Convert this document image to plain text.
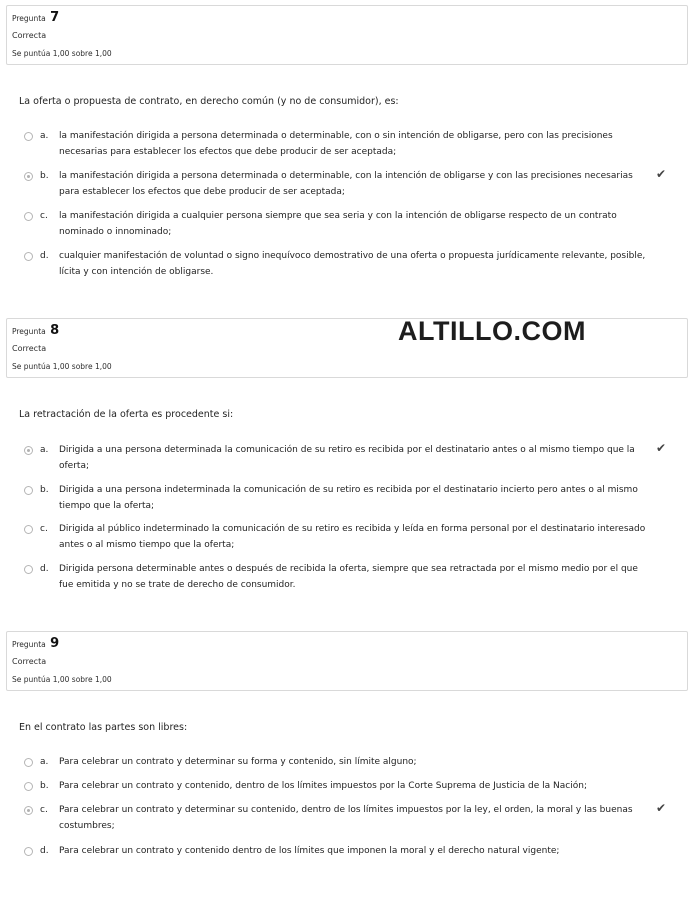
Pregunta 7
Correcta
Se puntúa 1,00 sobre 1,00
La oferta o propuesta de contrato, en derecho común (y no de consumidor), es:
a. la manifestación dirigida a persona determinada o determinable, con o sin intención de obligarse, pero con las precisiones necesarias para establecer los efectos que debe producir de ser aceptada;
b. la manifestación dirigida a persona determinada o determinable, con la intención de obligarse y con las precisiones necesarias para establecer los efectos que debe producir de ser aceptada;
✔
c. la manifestación dirigida a cualquier persona siempre que sea seria y con la intención de obligarse respecto de un contrato nominado o innominado;
d. cualquier manifestación de voluntad o signo inequívoco demostrativo de una oferta o propuesta jurídicamente relevante, posible, lícita y con intención de obligarse.
Pregunta 8
Correcta
Se puntúa 1,00 sobre 1,00
ALTILLO.COM
La retractación de la oferta es procedente si:
a. Dirigida a una persona determinada la comunicación de su retiro es recibida por el destinatario antes o al mismo tiempo que la oferta;
✔
b. Dirigida a una persona indeterminada la comunicación de su retiro es recibida por el destinatario incierto pero antes o al mismo tiempo que la oferta;
c. Dirigida al público indeterminado la comunicación de su retiro es recibida y leída en forma personal por el destinatario interesado antes o al mismo tiempo que la oferta;
d. Dirigida persona determinable antes o después de recibida la oferta, siempre que sea retractada por el mismo medio por el que fue emitida y no se trate de derecho de consumidor.
Pregunta 9
Correcta
Se puntúa 1,00 sobre 1,00
En el contrato las partes son libres:
a. Para celebrar un contrato y determinar su forma y contenido, sin límite alguno;
b. Para celebrar un contrato y contenido, dentro de los límites impuestos por la Corte Suprema de Justicia de la Nación;
c. Para celebrar un contrato y determinar su contenido, dentro de los límites impuestos por la ley, el orden, la moral y las buenas costumbres;
✔
d. Para celebrar un contrato y contenido dentro de los límites que imponen la moral y el derecho natural vigente;
